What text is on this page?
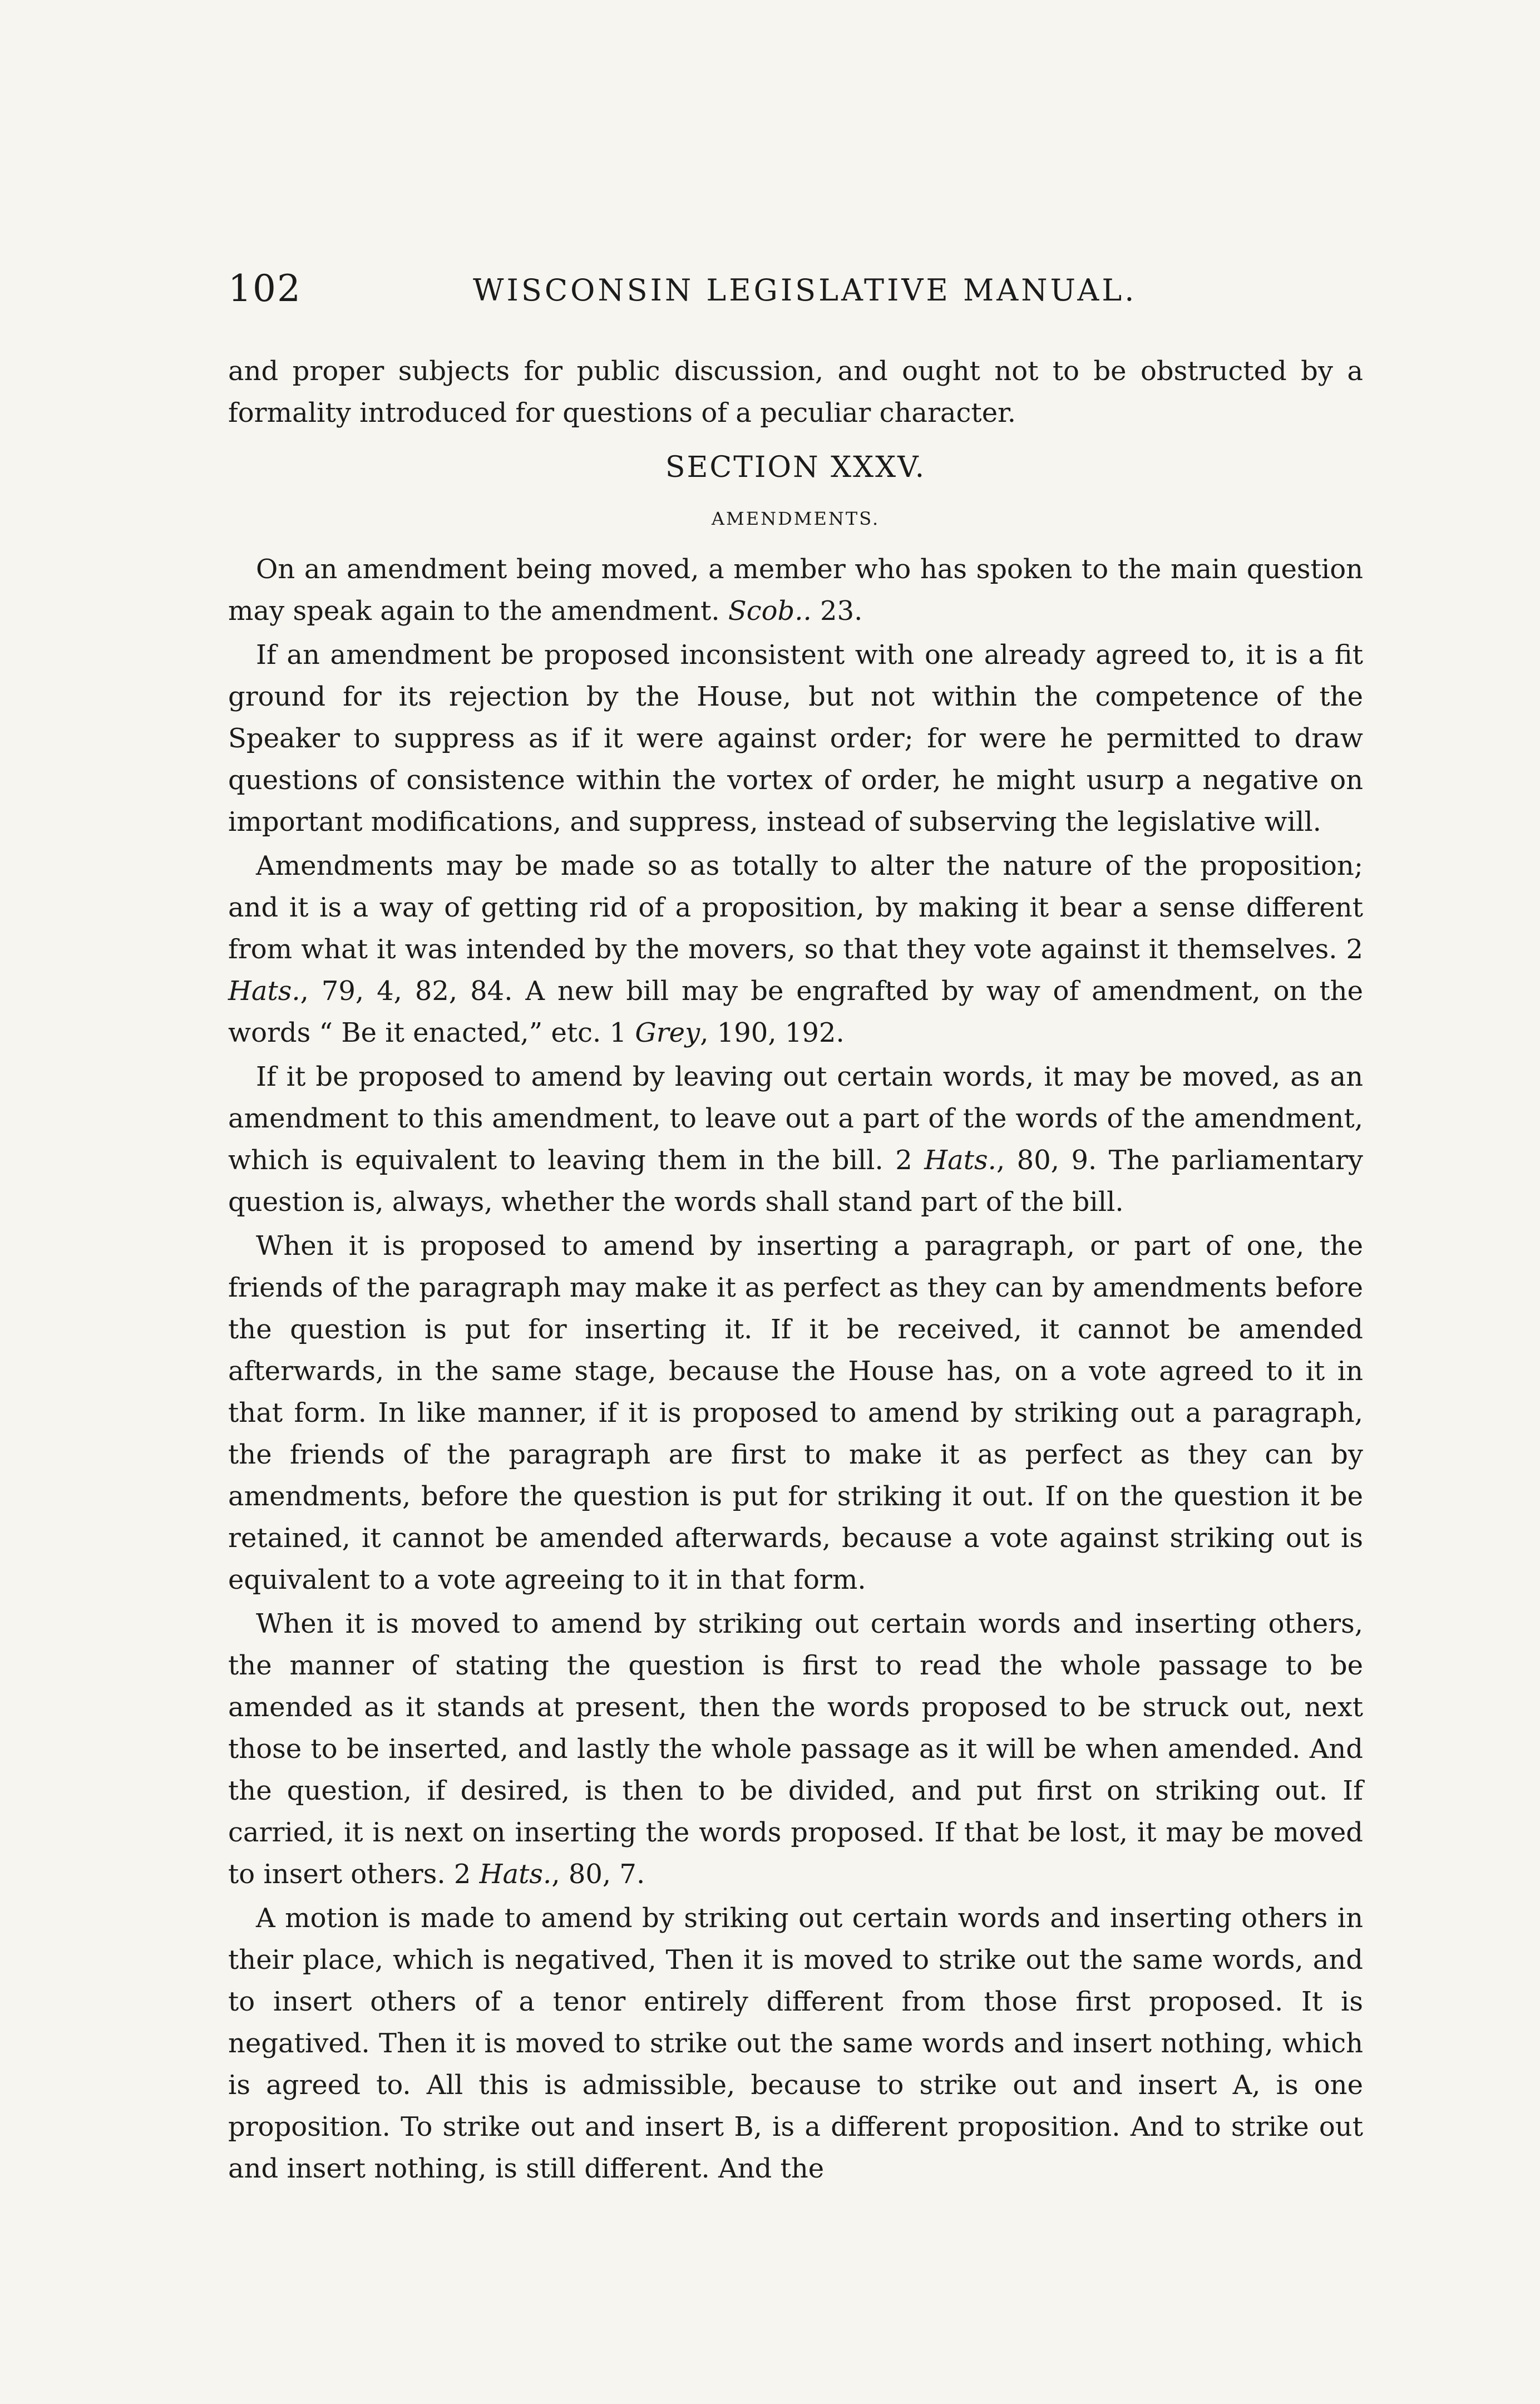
102	WISCONSIN LEGISLATIVE MANUAL.

and proper subjects for public discussion, and ought not to be obstructed by a formality introduced for questions of a peculiar character.

SECTION XXXV.
AMENDMENTS.

On an amendment being moved, a member who has spoken to the main question may speak again to the amendment. Scob.. 23.

If an amendment be proposed inconsistent with one already agreed to, it is a fit ground for its rejection by the House, but not within the competence of the Speaker to suppress as if it were against order; for were he permitted to draw questions of consistence within the vortex of order, he might usurp a negative on important modifications, and suppress, instead of subserving the legislative will.

Amendments may be made so as totally to alter the nature of the proposition; and it is a way of getting rid of a proposition, by making it bear a sense different from what it was intended by the movers, so that they vote against it themselves. 2 Hats., 79, 4, 82, 84. A new bill may be engrafted by way of amendment, on the words “ Be it enacted,” etc. 1 Grey, 190, 192.

If it be proposed to amend by leaving out certain words, it may be moved, as an amendment to this amendment, to leave out a part of the words of the amendment, which is equivalent to leaving them in the bill. 2 Hats., 80, 9. The parliamentary question is, always, whether the words shall stand part of the bill.

When it is proposed to amend by inserting a paragraph, or part of one, the friends of the paragraph may make it as perfect as they can by amendments before the question is put for inserting it. If it be received, it cannot be amended afterwards, in the same stage, because the House has, on a vote agreed to it in that form. In like manner, if it is proposed to amend by striking out a paragraph, the friends of the paragraph are first to make it as perfect as they can by amendments, before the question is put for striking it out. If on the question it be retained, it cannot be amended afterwards, because a vote against striking out is equivalent to a vote agreeing to it in that form.

When it is moved to amend by striking out certain words and inserting others, the manner of stating the question is first to read the whole passage to be amended as it stands at present, then the words proposed to be struck out, next those to be inserted, and lastly the whole passage as it will be when amended. And the question, if desired, is then to be divided, and put first on striking out. If carried, it is next on inserting the words proposed. If that be lost, it may be moved to insert others. 2 Hats., 80, 7.

A motion is made to amend by striking out certain words and inserting others in their place, which is negatived, Then it is moved to strike out the same words, and to insert others of a tenor entirely different from those first proposed. It is negatived. Then it is moved to strike out the same words and insert nothing, which is agreed to. All this is admissible, because to strike out and insert A, is one proposition. To strike out and insert B, is a different proposition. And to strike out and insert nothing, is still different. And the
